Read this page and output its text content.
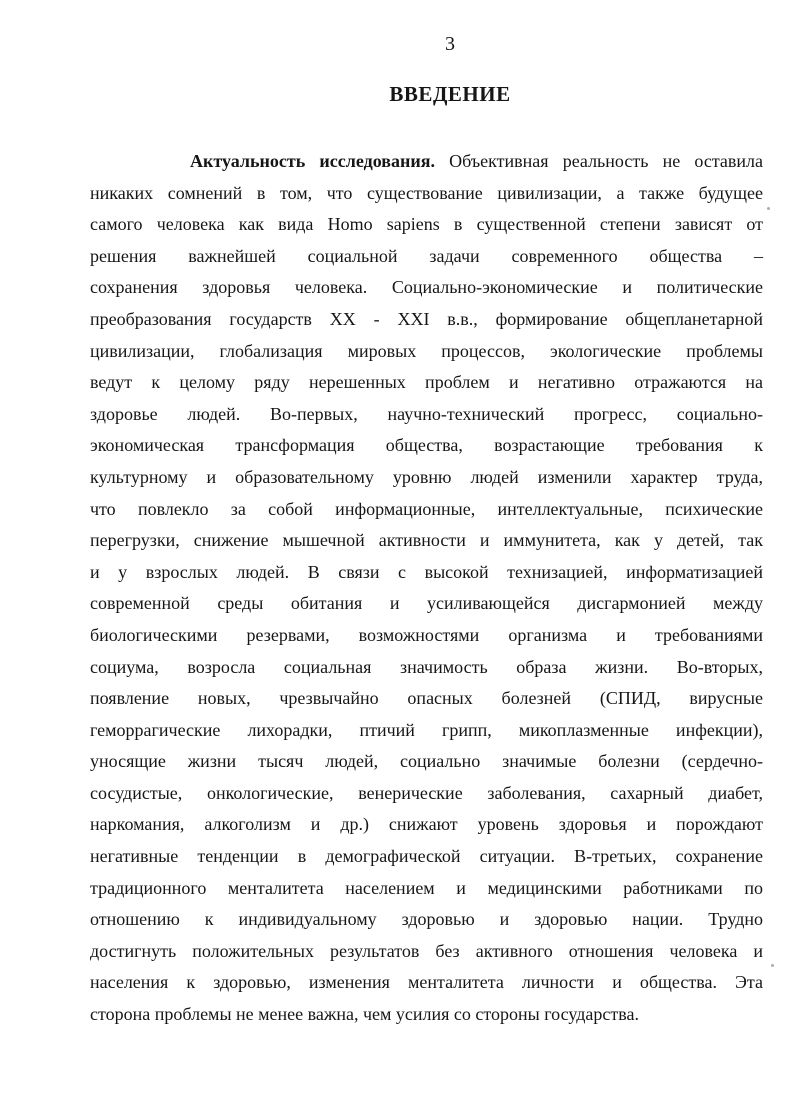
3
ВВЕДЕНИЕ
Актуальность исследования. Объективная реальность не оставила
никаких сомнений в том, что существование цивилизации, а также будущее
самого человека как вида Homo sapiens в существенной степени зависят от
решения важнейшей социальной задачи современного общества –
сохранения здоровья человека. Социально-экономические и политические
преобразования государств XX - XXI в.в., формирование общепланетарной
цивилизации, глобализация мировых процессов, экологические проблемы
ведут к целому ряду нерешенных проблем и негативно отражаются на
здоровье людей. Во-первых, научно-технический прогресс, социально-
экономическая трансформация общества, возрастающие требования к
культурному и образовательному уровню людей изменили характер труда,
что повлекло за собой информационные, интеллектуальные, психические
перегрузки, снижение мышечной активности и иммунитета, как у детей, так
и у взрослых людей. В связи с высокой технизацией, информатизацией
современной среды обитания и усиливающейся дисгармонией между
биологическими резервами, возможностями организма и требованиями
социума, возросла социальная значимость образа жизни. Во-вторых,
появление новых, чрезвычайно опасных болезней (СПИД, вирусные
геморрагические лихорадки, птичий грипп, микоплазменные инфекции),
уносящие жизни тысяч людей, социально значимые болезни (сердечно-
сосудистые, онкологические, венерические заболевания, сахарный диабет,
наркомания, алкоголизм и др.) снижают уровень здоровья и порождают
негативные тенденции в демографической ситуации. В-третьих, сохранение
традиционного менталитета населением и медицинскими работниками по
отношению к индивидуальному здоровью и здоровью нации. Трудно
достигнуть положительных результатов без активного отношения человека и
населения к здоровью, изменения менталитета личности и общества. Эта
сторона проблемы не менее важна, чем усилия со стороны государства.
